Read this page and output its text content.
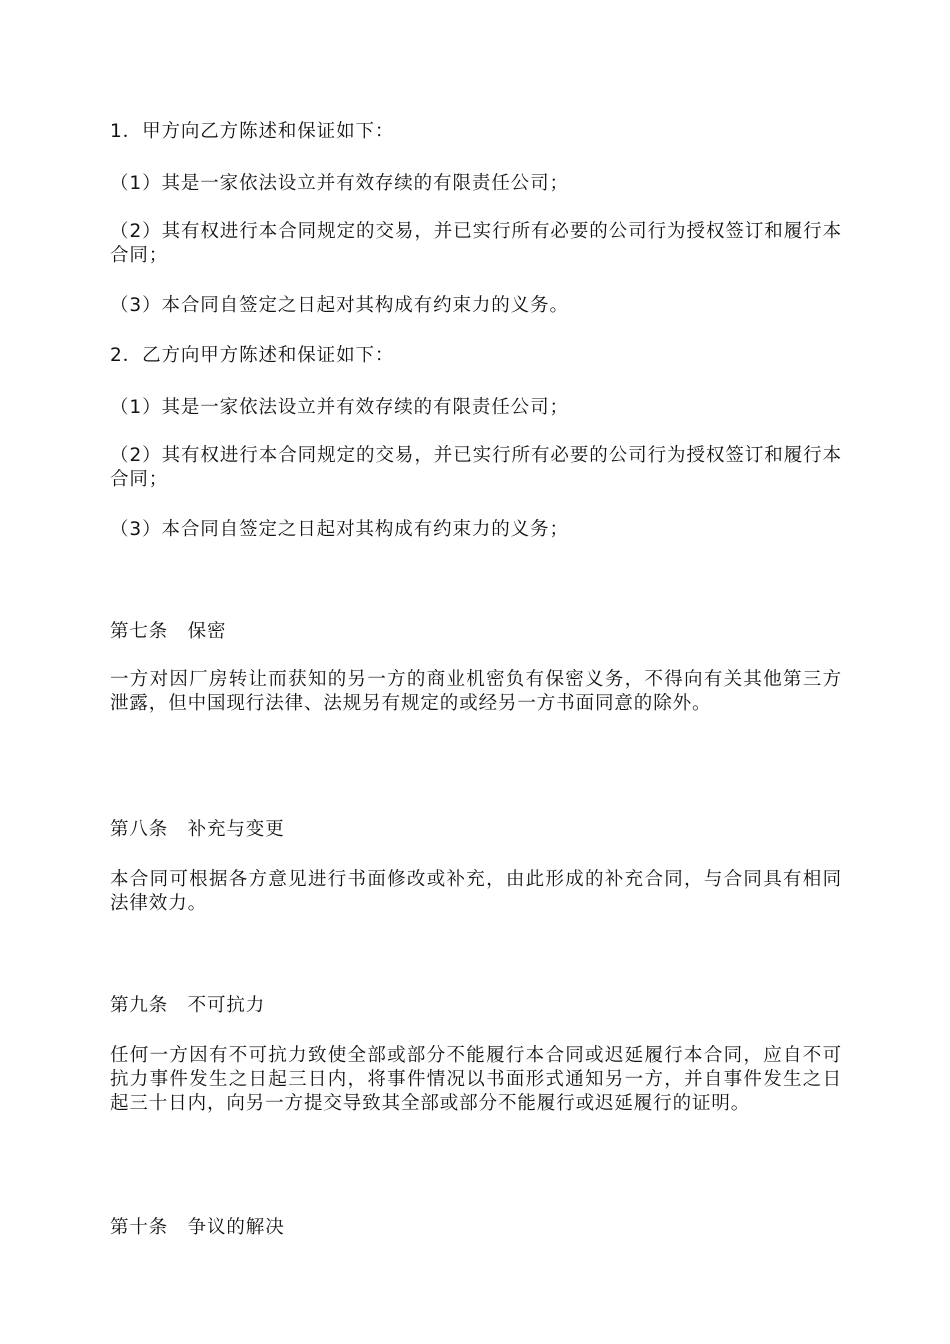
1．甲方向乙方陈述和保证如下：
（1）其是一家依法设立并有效存续的有限责任公司；
（2）其有权进行本合同规定的交易，并已实行所有必要的公司行为授权签订和履行本合同；
（3）本合同自签定之日起对其构成有约束力的义务。
2．乙方向甲方陈述和保证如下：
（1）其是一家依法设立并有效存续的有限责任公司；
（2）其有权进行本合同规定的交易，并已实行所有必要的公司行为授权签订和履行本合同；
（3）本合同自签定之日起对其构成有约束力的义务；
第七条　保密
一方对因厂房转让而获知的另一方的商业机密负有保密义务，不得向有关其他第三方泄露，但中国现行法律、法规另有规定的或经另一方书面同意的除外。
第八条　补充与变更
本合同可根据各方意见进行书面修改或补充，由此形成的补充合同，与合同具有相同法律效力。
第九条　不可抗力
任何一方因有不可抗力致使全部或部分不能履行本合同或迟延履行本合同，应自不可抗力事件发生之日起三日内，将事件情况以书面形式通知另一方，并自事件发生之日起三十日内，向另一方提交导致其全部或部分不能履行或迟延履行的证明。
第十条　争议的解决
